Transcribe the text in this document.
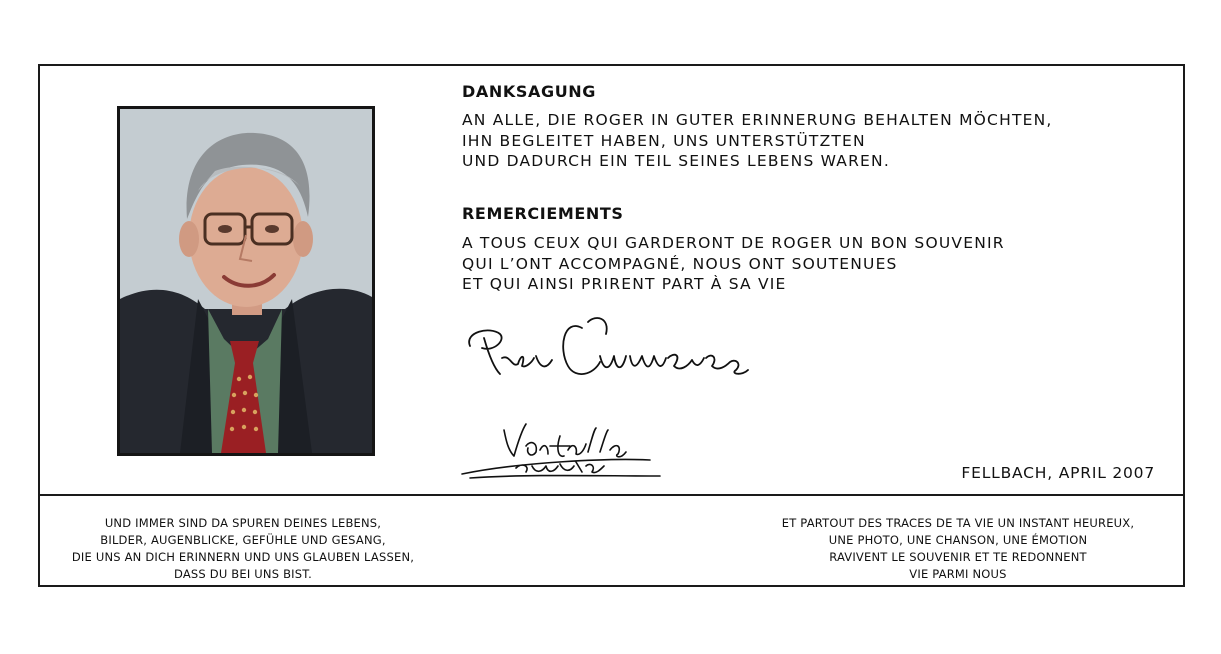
DANKSAGUNG
AN ALLE, DIE ROGER IN GUTER ERINNERUNG BEHALTEN MÖCHTEN,
IHN BEGLEITET HABEN, UNS UNTERSTÜTZTEN
UND DADURCH EIN TEIL SEINES LEBENS WAREN.
REMERCIEMENTS
A TOUS CEUX QUI GARDERONT DE ROGER UN BON SOUVENIR
QUI L’ONT ACCOMPAGNÉ, NOUS ONT SOUTENUES
ET QUI AINSI PRIRENT PART À SA VIE
FELLBACH, APRIL 2007
UND IMMER SIND DA SPUREN DEINES LEBENS,
BILDER, AUGENBLICKE, GEFÜHLE UND GESANG,
DIE UNS AN DICH ERINNERN UND UNS GLAUBEN LASSEN,
DASS DU BEI UNS BIST.
ET PARTOUT DES TRACES DE TA VIE UN INSTANT HEUREUX,
UNE PHOTO, UNE CHANSON, UNE ÉMOTION
RAVIVENT LE SOUVENIR ET TE REDONNENT
VIE PARMI NOUS
